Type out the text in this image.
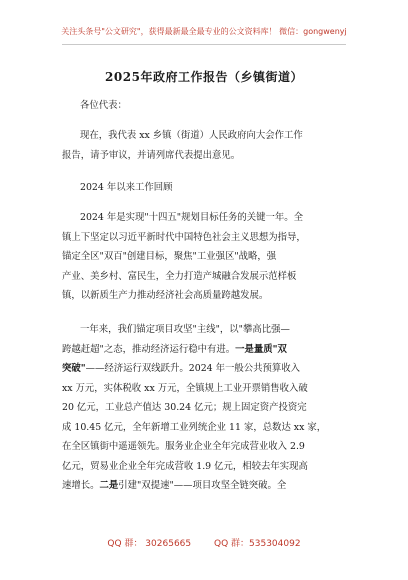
关注头条号"公文研究"，获得最新最全最专业的公文资料库！ 微信：gongwenyj
2025年政府工作报告（乡镇街道）
各位代表：
现在，我代表 xx 乡镇（街道）人民政府向大会作工作
报告，请予审议，并请列席代表提出意见。
2024 年以来工作回顾
2024 年是实现"十四五"规划目标任务的关键一年。全
镇上下坚定以习近平新时代中国特色社会主义思想为指导，
锚定全区"双百"创建目标，聚焦"工业强区"战略，强
产业、美乡村、富民生，全力打造产城融合发展示范样板
镇，以新质生产力推动经济社会高质量跨越发展。
一年来，我们锚定项目攻坚"主线"，以"攀高比强—
跨越赶超"之态，推动经济运行稳中有进。一是量质"双
突破"——经济运行双线跃升。2024 年一般公共预算收入
xx 万元，实体税收 xx 万元，全镇规上工业开票销售收入破
20 亿元，工业总产值达 30.24 亿元；规上固定资产投资完
成 10.45 亿元，全年新增工业列统企业 11 家，总数达 xx 家，
在全区镇街中遥遥领先。服务业企业全年完成营业收入 2.9
亿元，贸易业企业全年完成营收 1.9 亿元，相较去年实现高
速增长。二是引建"双提速"——项目攻坚全链突破。全
QQ 群： 30265665	QQ 群：535304092
